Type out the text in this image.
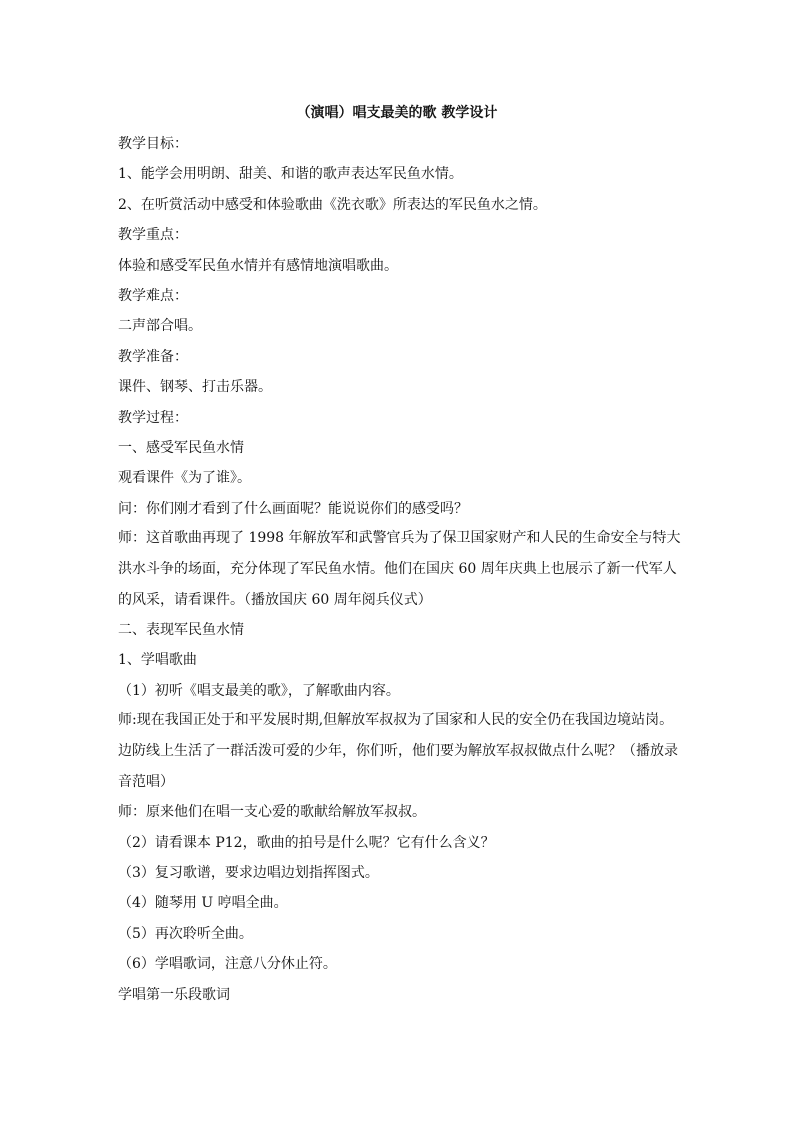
（演唱）唱支最美的歌 教学设计

教学目标：

1、能学会用明朗、甜美、和谐的歌声表达军民鱼水情。

2、在听赏活动中感受和体验歌曲《洗衣歌》所表达的军民鱼水之情。

教学重点：

体验和感受军民鱼水情并有感情地演唱歌曲。

教学难点：

二声部合唱。

教学准备：

课件、钢琴、打击乐器。

教学过程：

一、感受军民鱼水情

观看课件《为了谁》。

问：你们刚才看到了什么画面呢？能说说你们的感受吗？

师：这首歌曲再现了 1998 年解放军和武警官兵为了保卫国家财产和人民的生命安全与特大洪水斗争的场面，充分体现了军民鱼水情。他们在国庆 60 周年庆典上也展示了新一代军人的风采，请看课件。（播放国庆 60 周年阅兵仪式）

二、表现军民鱼水情

1、学唱歌曲

（1）初听《唱支最美的歌》，了解歌曲内容。

师:现在我国正处于和平发展时期,但解放军叔叔为了国家和人民的安全仍在我国边境站岗。边防线上生活了一群活泼可爱的少年，你们听，他们要为解放军叔叔做点什么呢？（播放录音范唱）

师：原来他们在唱一支心爱的歌献给解放军叔叔。

（2）请看课本 P12，歌曲的拍号是什么呢？它有什么含义？

（3）复习歌谱，要求边唱边划指挥图式。

（4）随琴用 U 哼唱全曲。

（5）再次聆听全曲。

（6）学唱歌词，注意八分休止符。

学唱第一乐段歌词
